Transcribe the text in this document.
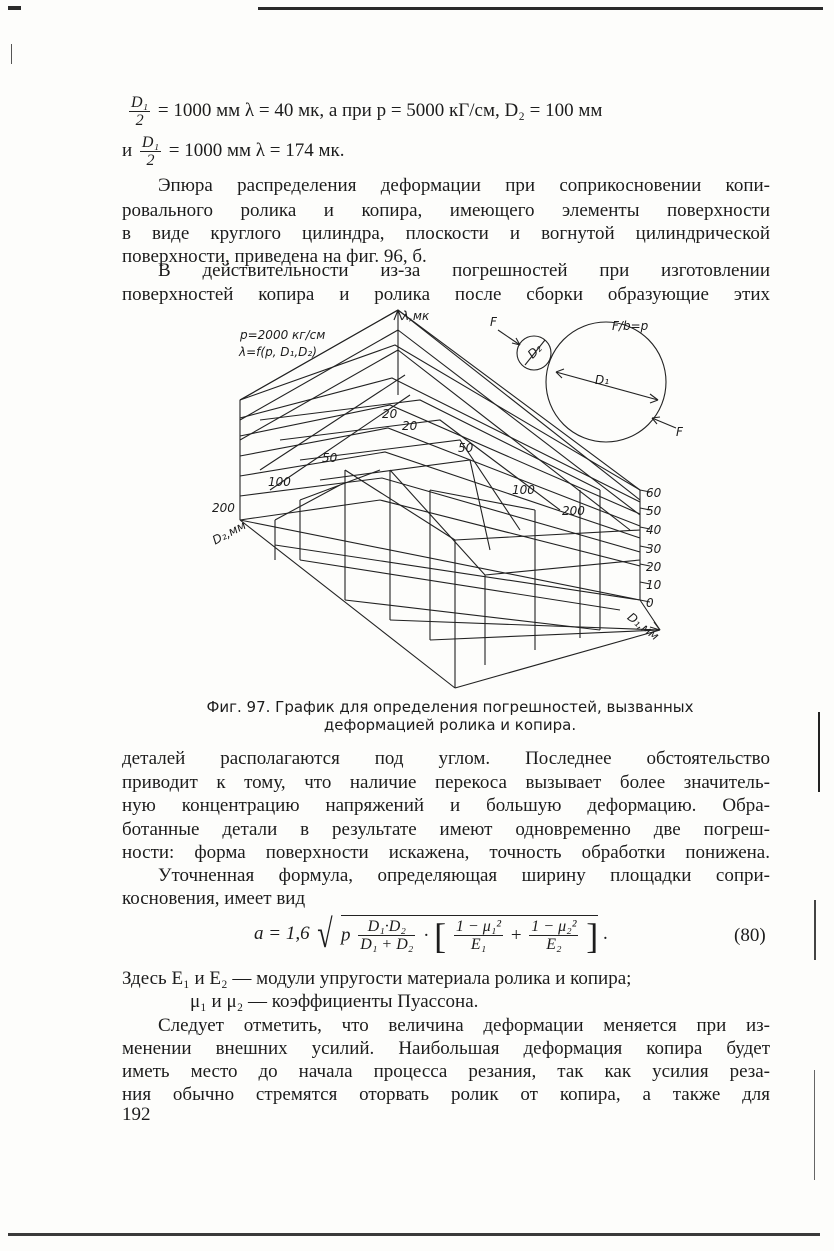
$\frac{\text{D₁}}{2} = 1000$ мм λ = 40 мк, а при p = 5000 кГ/см, D₂ = 100 мм
и $\frac{\text{D₁}}{2} = 1000$ мм λ = 174 мк.
Эпюра распределения деформации при соприкосновении копи-
ровального ролика и копира, имеющего элементы поверхности
в виде круглого цилиндра, плоскости и вогнутой цилиндрической
поверхности, приведена на фиг. 96, б.
В действительности из-за погрешностей при изготовлении
поверхностей копира и ролика после сборки образующие этих
λ,мк
p=2000 кг/см
λ=f(p, D₁,D₂)
F
F
F/b=p
D₁
D₂
D₂,мм
D₁,мм
200
100
50
20
20
50
100
200
60
50
40
30
20
10
0
Фиг. 97. График для определения погрешностей, вызванных
деформацией ролика и копира.
деталей располагаются под углом. Последнее обстоятельство
приводит к тому, что наличие перекоса вызывает более значитель-
ную концентрацию напряжений и большую деформацию. Обра-
ботанные детали в результате имеют одновременно две погреш-
ности: форма поверхности искажена, точность обработки понижена.
Уточненная формула, определяющая ширину площадки сопри-
косновения, имеет вид
a = 1,6 √ p $\frac{\text{D₁·D₂}}{\text{D₁ + D₂}}$ · [ $\frac{\text{1 − μ₁²}}{\text{E₁}} + \frac{\text{1 − μ₂²}}{\text{E₂}}$ ] .	(80)
Здесь E₁ и E₂ — модули упругости материала ролика и копира;
μ₁ и μ₂ — коэффициенты Пуассона.
Следует отметить, что величина деформации меняется при из-
менении внешних усилий. Наибольшая деформация копира будет
иметь место до начала процесса резания, так как усилия реза-
ния обычно стремятся оторвать ролик от копира, а также для
192
